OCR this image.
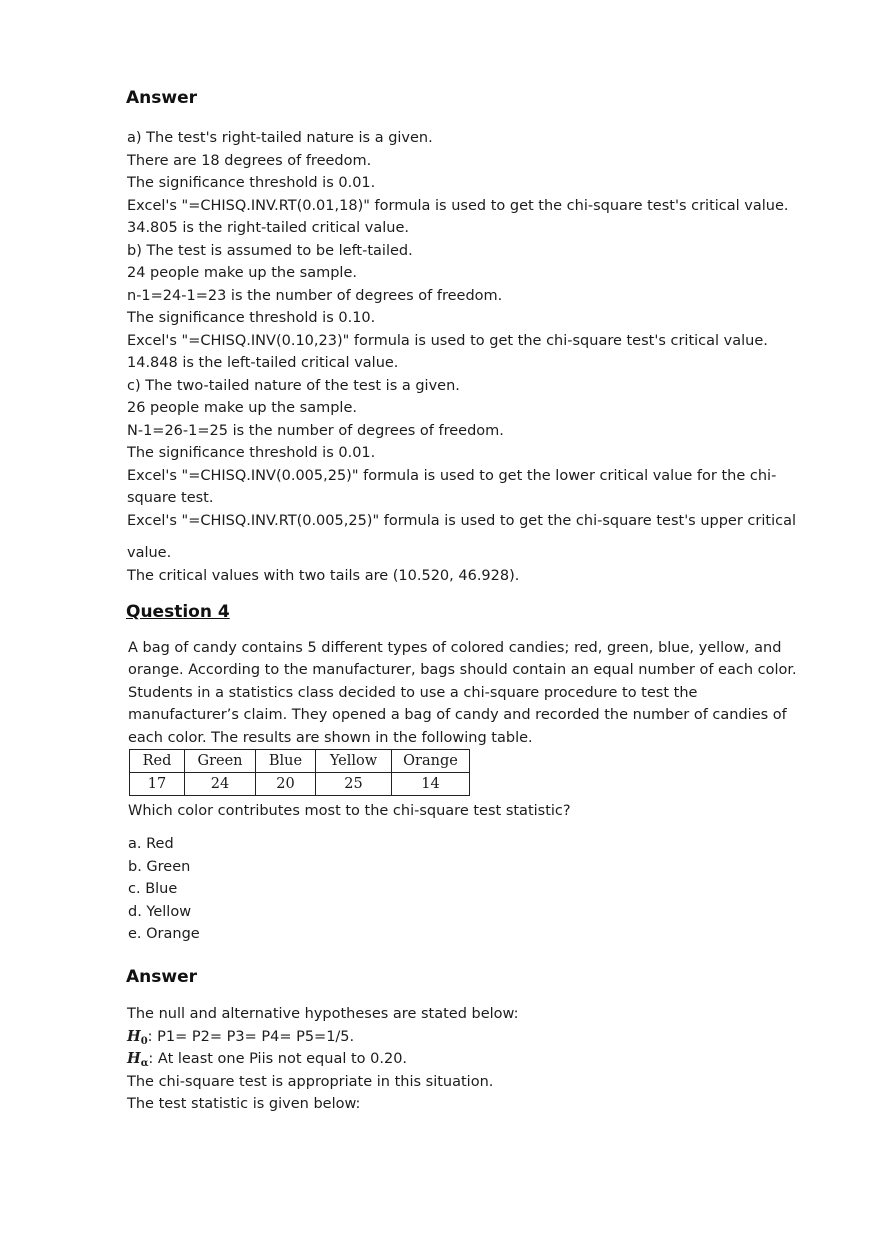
Answer
a) The test's right-tailed nature is a given.
There are 18 degrees of freedom.
The significance threshold is 0.01.
Excel's "=CHISQ.INV.RT(0.01,18)" formula is used to get the chi-square test's critical value.
34.805 is the right-tailed critical value.
b) The test is assumed to be left-tailed.
24 people make up the sample.
n-1=24-1=23 is the number of degrees of freedom.
The significance threshold is 0.10.
Excel's "=CHISQ.INV(0.10,23)" formula is used to get the chi-square test's critical value.
14.848 is the left-tailed critical value.
c) The two-tailed nature of the test is a given.
26 people make up the sample.
N-1=26-1=25 is the number of degrees of freedom.
The significance threshold is 0.01.
Excel's "=CHISQ.INV(0.005,25)" formula is used to get the lower critical value for the chi-
square test.
Excel's "=CHISQ.INV.RT(0.005,25)" formula is used to get the chi-square test's upper critical
value.
The critical values with two tails are (10.520, 46.928).
Question 4
A bag of candy contains 5 different types of colored candies; red, green, blue, yellow, and orange. According to the manufacturer, bags should contain an equal number of each color. Students in a statistics class decided to use a chi-square procedure to test the manufacturer’s claim. They opened a bag of candy and recorded the number of candies of each color. The results are shown in the following table.
Red	Green	Blue	Yellow	Orange
17	24	20	25	14
Which color contributes most to the chi-square test statistic?
a. Red
b. Green
c. Blue
d. Yellow
e. Orange
Answer
The null and alternative hypotheses are stated below:
$H_0$: P1= P2= P3= P4= P5=1/5.
$H_\alpha$: At least one Piis not equal to 0.20.
The chi-square test is appropriate in this situation.
The test statistic is given below:
